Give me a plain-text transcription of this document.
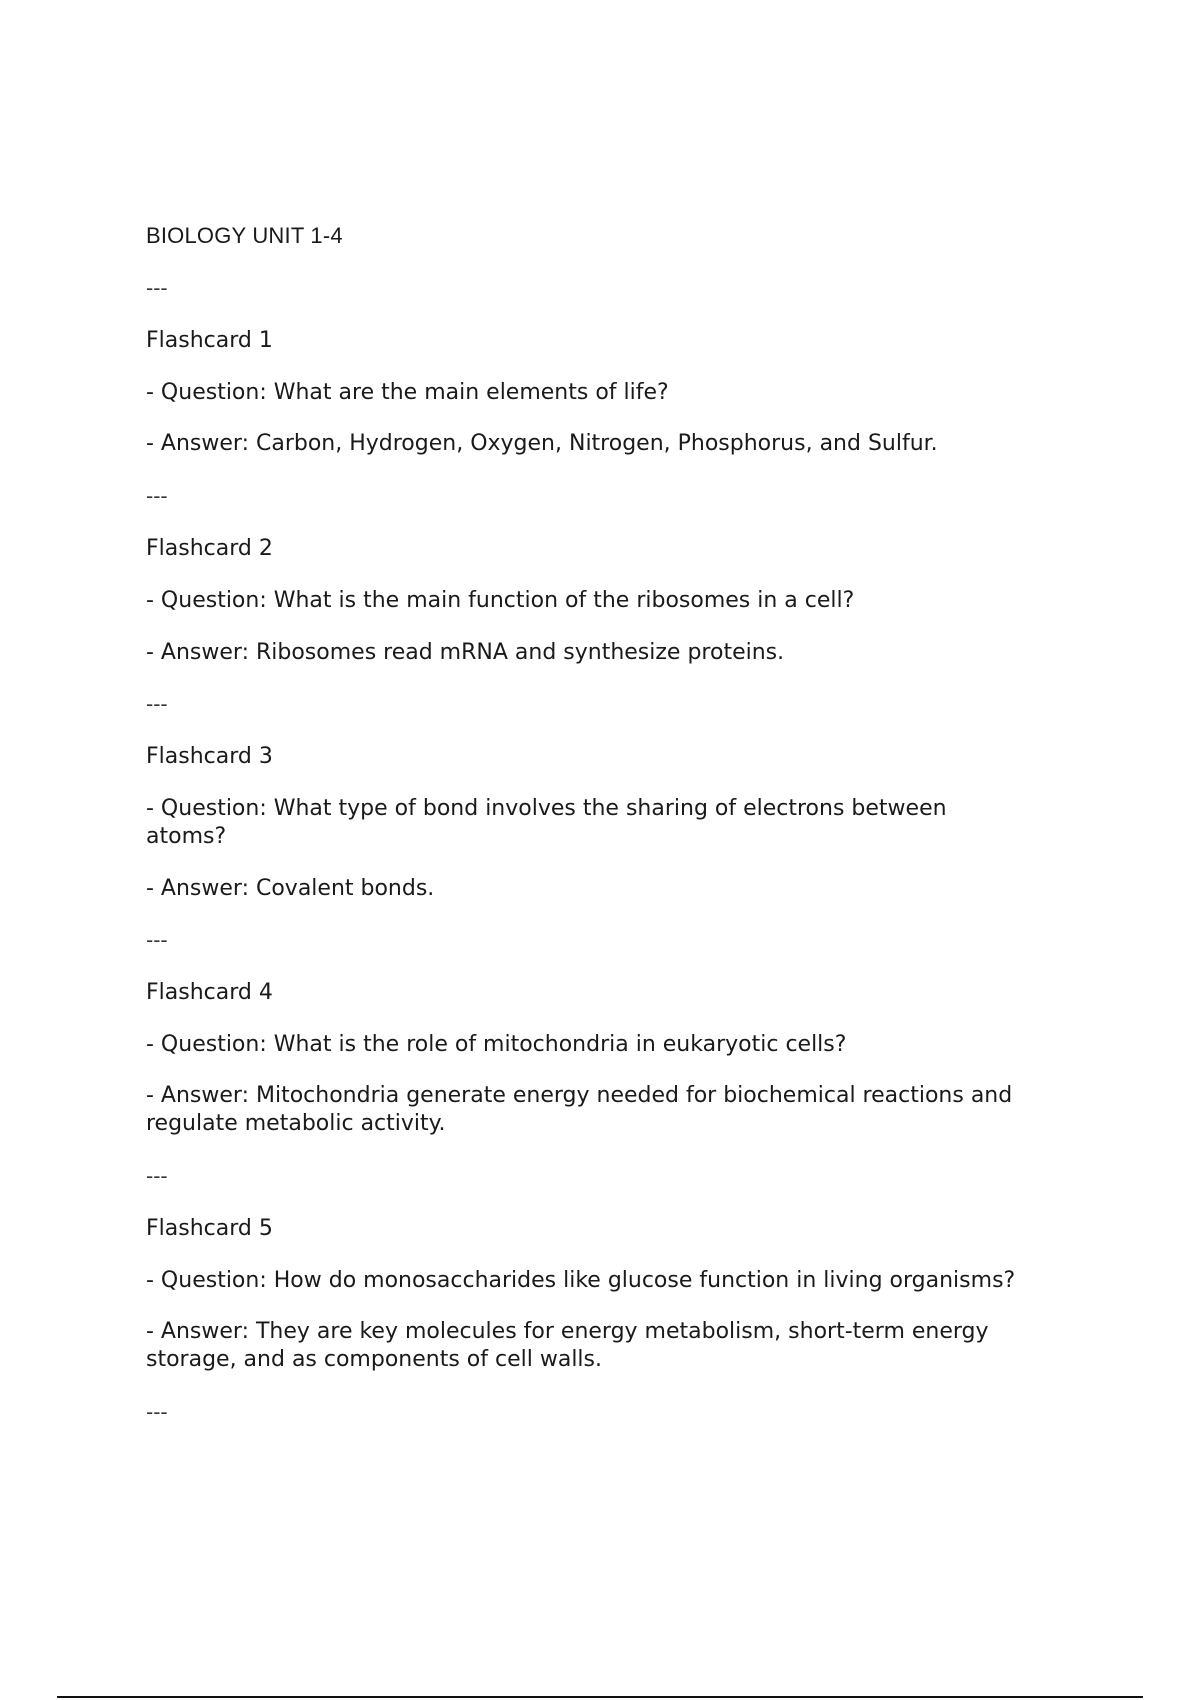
BIOLOGY UNIT 1-4
---
Flashcard 1
- Question: What are the main elements of life?
- Answer: Carbon, Hydrogen, Oxygen, Nitrogen, Phosphorus, and Sulfur.
---
Flashcard 2
- Question: What is the main function of the ribosomes in a cell?
- Answer: Ribosomes read mRNA and synthesize proteins.
---
Flashcard 3
- Question: What type of bond involves the sharing of electrons between atoms?
- Answer: Covalent bonds.
---
Flashcard 4
- Question: What is the role of mitochondria in eukaryotic cells?
- Answer: Mitochondria generate energy needed for biochemical reactions and regulate metabolic activity.
---
Flashcard 5
- Question: How do monosaccharides like glucose function in living organisms?
- Answer: They are key molecules for energy metabolism, short-term energy storage, and as components of cell walls.
---
